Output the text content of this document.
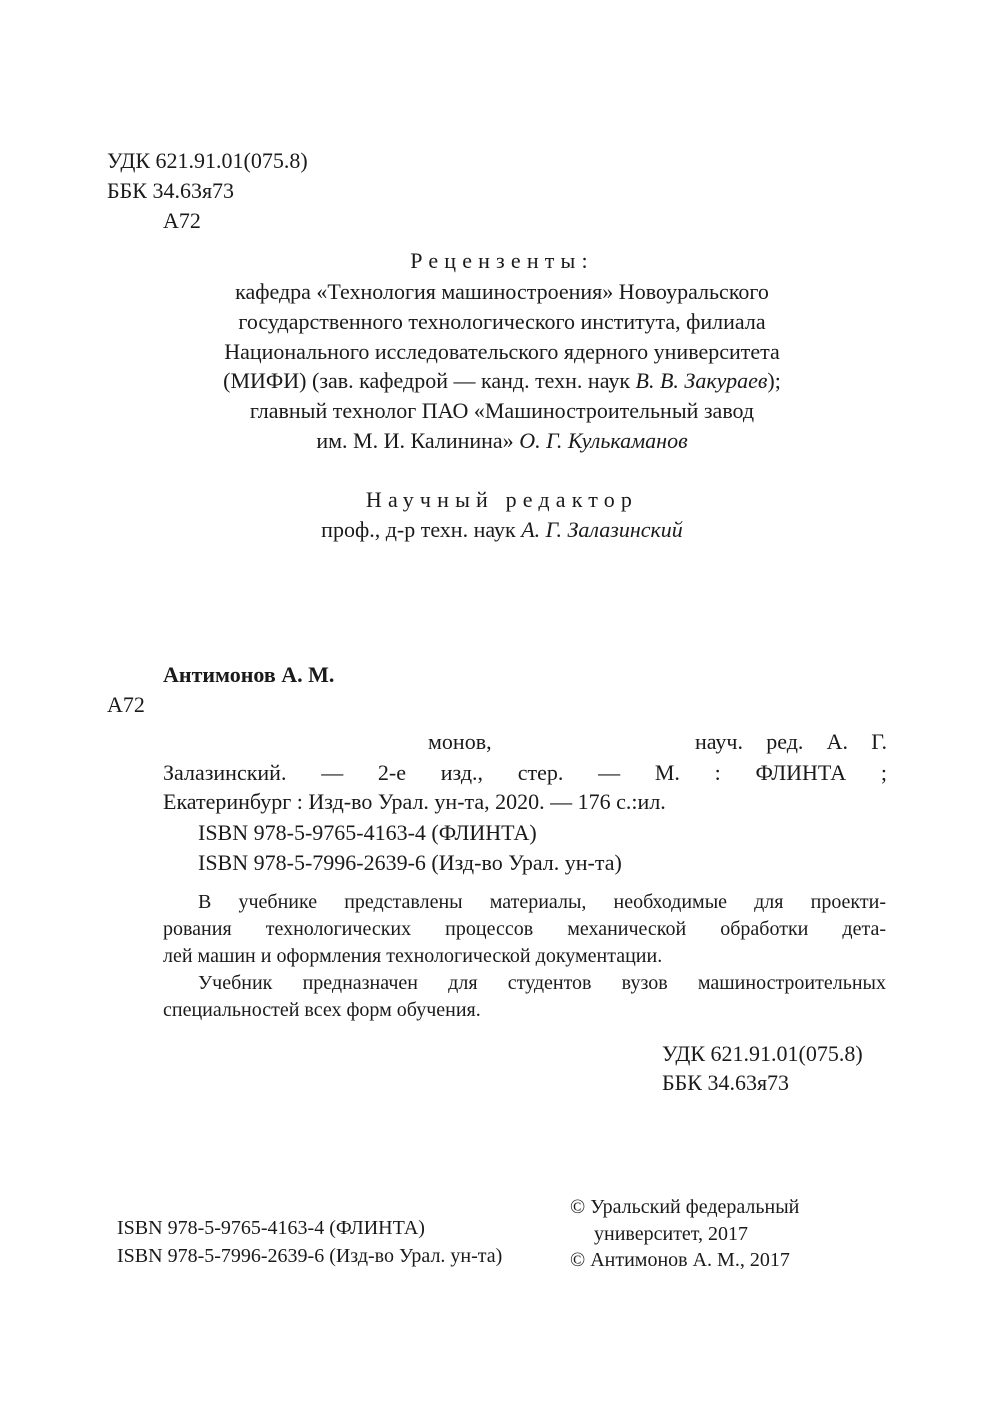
УДК 621.91.01(075.8)
ББК 34.63я73
А72
Рецензенты:
кафедра «Технология машиностроения» Новоуральского
государственного технологического института, филиала
Национального исследовательского ядерного университета
(МИФИ) (зав. кафедрой — канд. техн. наук В. В. Закураев);
главный технолог ПАО «Машиностроительный завод
им. М. И. Калинина» О. Г. Кулькаманов
Научный редактор
проф., д-р техн. наук А. Г. Залазинский
Антимонов А. М.
А72
монов,	науч. ред. А. Г.
Залазинский. — 2-е изд., стер. — М. : ФЛИНТА ;
Екатеринбург : Изд-во Урал. ун-та, 2020. — 176 с.:ил.
ISBN 978-5-9765-4163-4 (ФЛИНТА)
ISBN 978-5-7996-2639-6 (Изд-во Урал. ун-та)
В учебнике представлены материалы, необходимые для проекти-
рования технологических процессов механической обработки дета-
лей машин и оформления технологической документации.
Учебник предназначен для студентов вузов машиностроительных
специальностей всех форм обучения.
УДК 621.91.01(075.8)
ББК 34.63я73
ISBN 978-5-9765-4163-4 (ФЛИНТА)
ISBN 978-5-7996-2639-6 (Изд-во Урал. ун-та)
© Уральский федеральный
университет, 2017
© Антимонов А. М., 2017
